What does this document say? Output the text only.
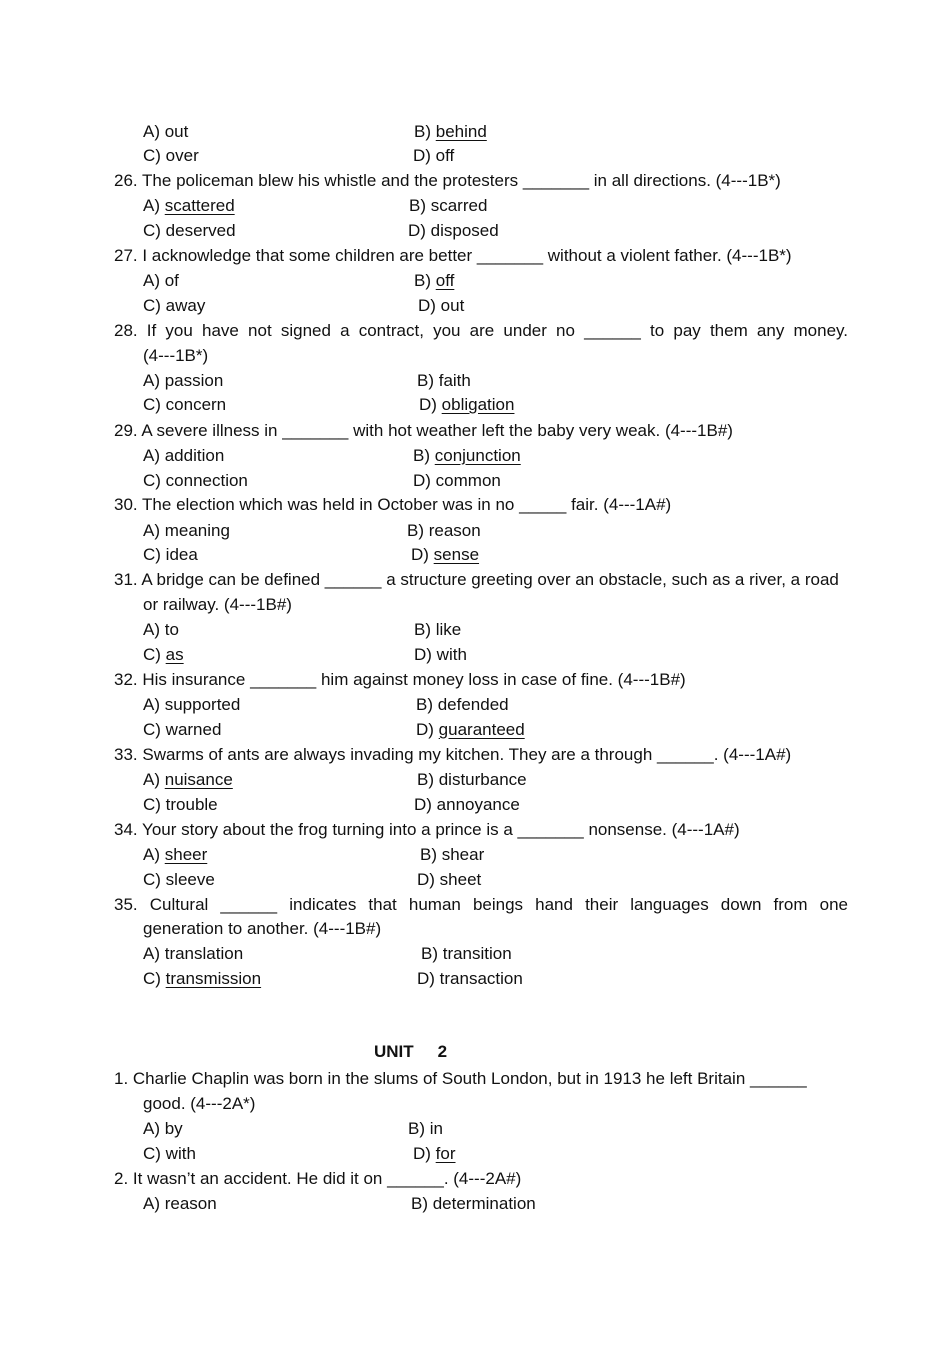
A) out	B) behind
C) over	D) off
26. The policeman blew his whistle and the protesters _______ in all directions. (4---1B*)
A) scattered	B) scarred
C) deserved	D) disposed
27. I acknowledge that some children are better _______ without a violent father. (4---1B*)
A) of	B) off
C) away	D) out
28. If you have not signed a contract, you are under no ______ to pay them any money.
(4---1B*)
A) passion	B) faith
C) concern	D) obligation
29. A severe illness in _______ with hot weather left the baby very weak. (4---1B#)
A) addition	B) conjunction
C) connection	D) common
30. The election which was held in October was in no _____ fair. (4---1A#)
A) meaning	B) reason
C) idea	D) sense
31. A bridge can be defined ______ a structure greeting over an obstacle, such as a river, a road
or railway. (4---1B#)
A) to	B) like
C) as	D) with
32. His insurance _______ him against money loss in case of fine. (4---1B#)
A) supported	B) defended
C) warned	D) guaranteed
33. Swarms of ants are always invading my kitchen. They are a through ______. (4---1A#)
A) nuisance	B) disturbance
C) trouble	D) annoyance
34. Your story about the frog turning into a prince is a _______ nonsense. (4---1A#)
A) sheer	B) shear
C) sleeve	D) sheet
35. Cultural ______ indicates that human beings hand their languages down from one
generation to another. (4---1B#)
A) translation	B) transition
C) transmission	D) transaction
UNIT 2
1. Charlie Chaplin was born in the slums of South London, but in 1913 he left Britain ______
good. (4---2A*)
A) by	B) in
C) with	D) for
2. It wasn’t an accident. He did it on ______. (4---2A#)
A) reason	B) determination
